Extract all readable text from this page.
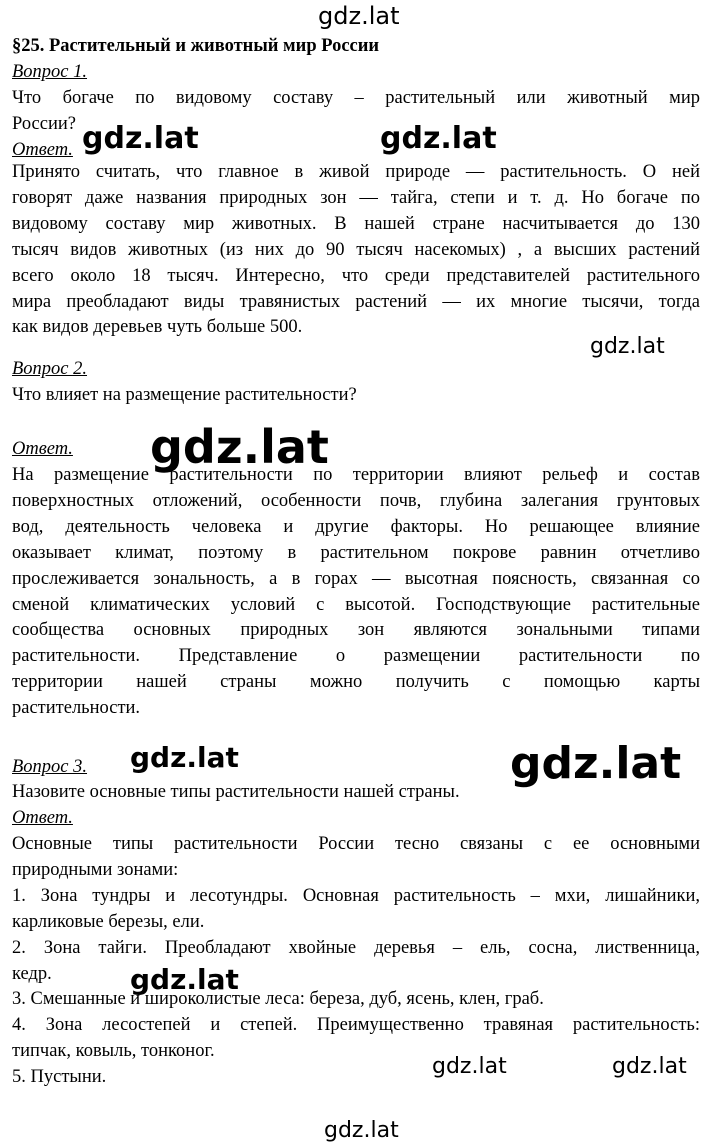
§25. Растительный и животный мир России
Вопрос 1.
Что богаче по видовому составу – растительный или животный мир
России?
Ответ.
Принято считать, что главное в живой природе — растительность. О ней
говорят даже названия природных зон — тайга, степи и т. д. Но богаче по
видовому составу мир животных. В нашей стране насчитывается до 130
тысяч видов животных (из них до 90 тысяч насекомых) , а высших растений
всего около 18 тысяч. Интересно, что среди представителей растительного
мира преобладают виды травянистых растений — их многие тысячи, тогда
как видов деревьев чуть больше 500.
Вопрос 2.
Что влияет на размещение растительности?
Ответ.
На размещение растительности по территории влияют рельеф и состав
поверхностных отложений, особенности почв, глубина залегания грунтовых
вод, деятельность человека и другие факторы. Но решающее влияние
оказывает климат, поэтому в растительном покрове равнин отчетливо
прослеживается зональность, а в горах — высотная поясность, связанная со
сменой климатических условий с высотой. Господствующие растительные
сообщества основных природных зон являются зональными типами
растительности. Представление о размещении растительности по
территории нашей страны можно получить с помощью карты
растительности.
Вопрос 3.
Назовите основные типы растительности нашей страны.
Ответ.
Основные типы растительности России тесно связаны с ее основными
природными зонами:
1. Зона тундры и лесотундры. Основная растительность – мхи, лишайники,
карликовые березы, ели.
2. Зона тайги. Преобладают хвойные деревья – ель, сосна, лиственница,
кедр.
3. Смешанные и широколистые леса: береза, дуб, ясень, клен, граб.
4. Зона лесостепей и степей. Преимущественно травяная растительность:
типчак, ковыль, тонконог.
5. Пустыни.
gdz.lat
gdz.lat	gdz.lat
gdz.lat
gdz.lat
gdz.lat	gdz.lat
gdz.lat
gdz.lat	gdz.lat
gdz.lat
